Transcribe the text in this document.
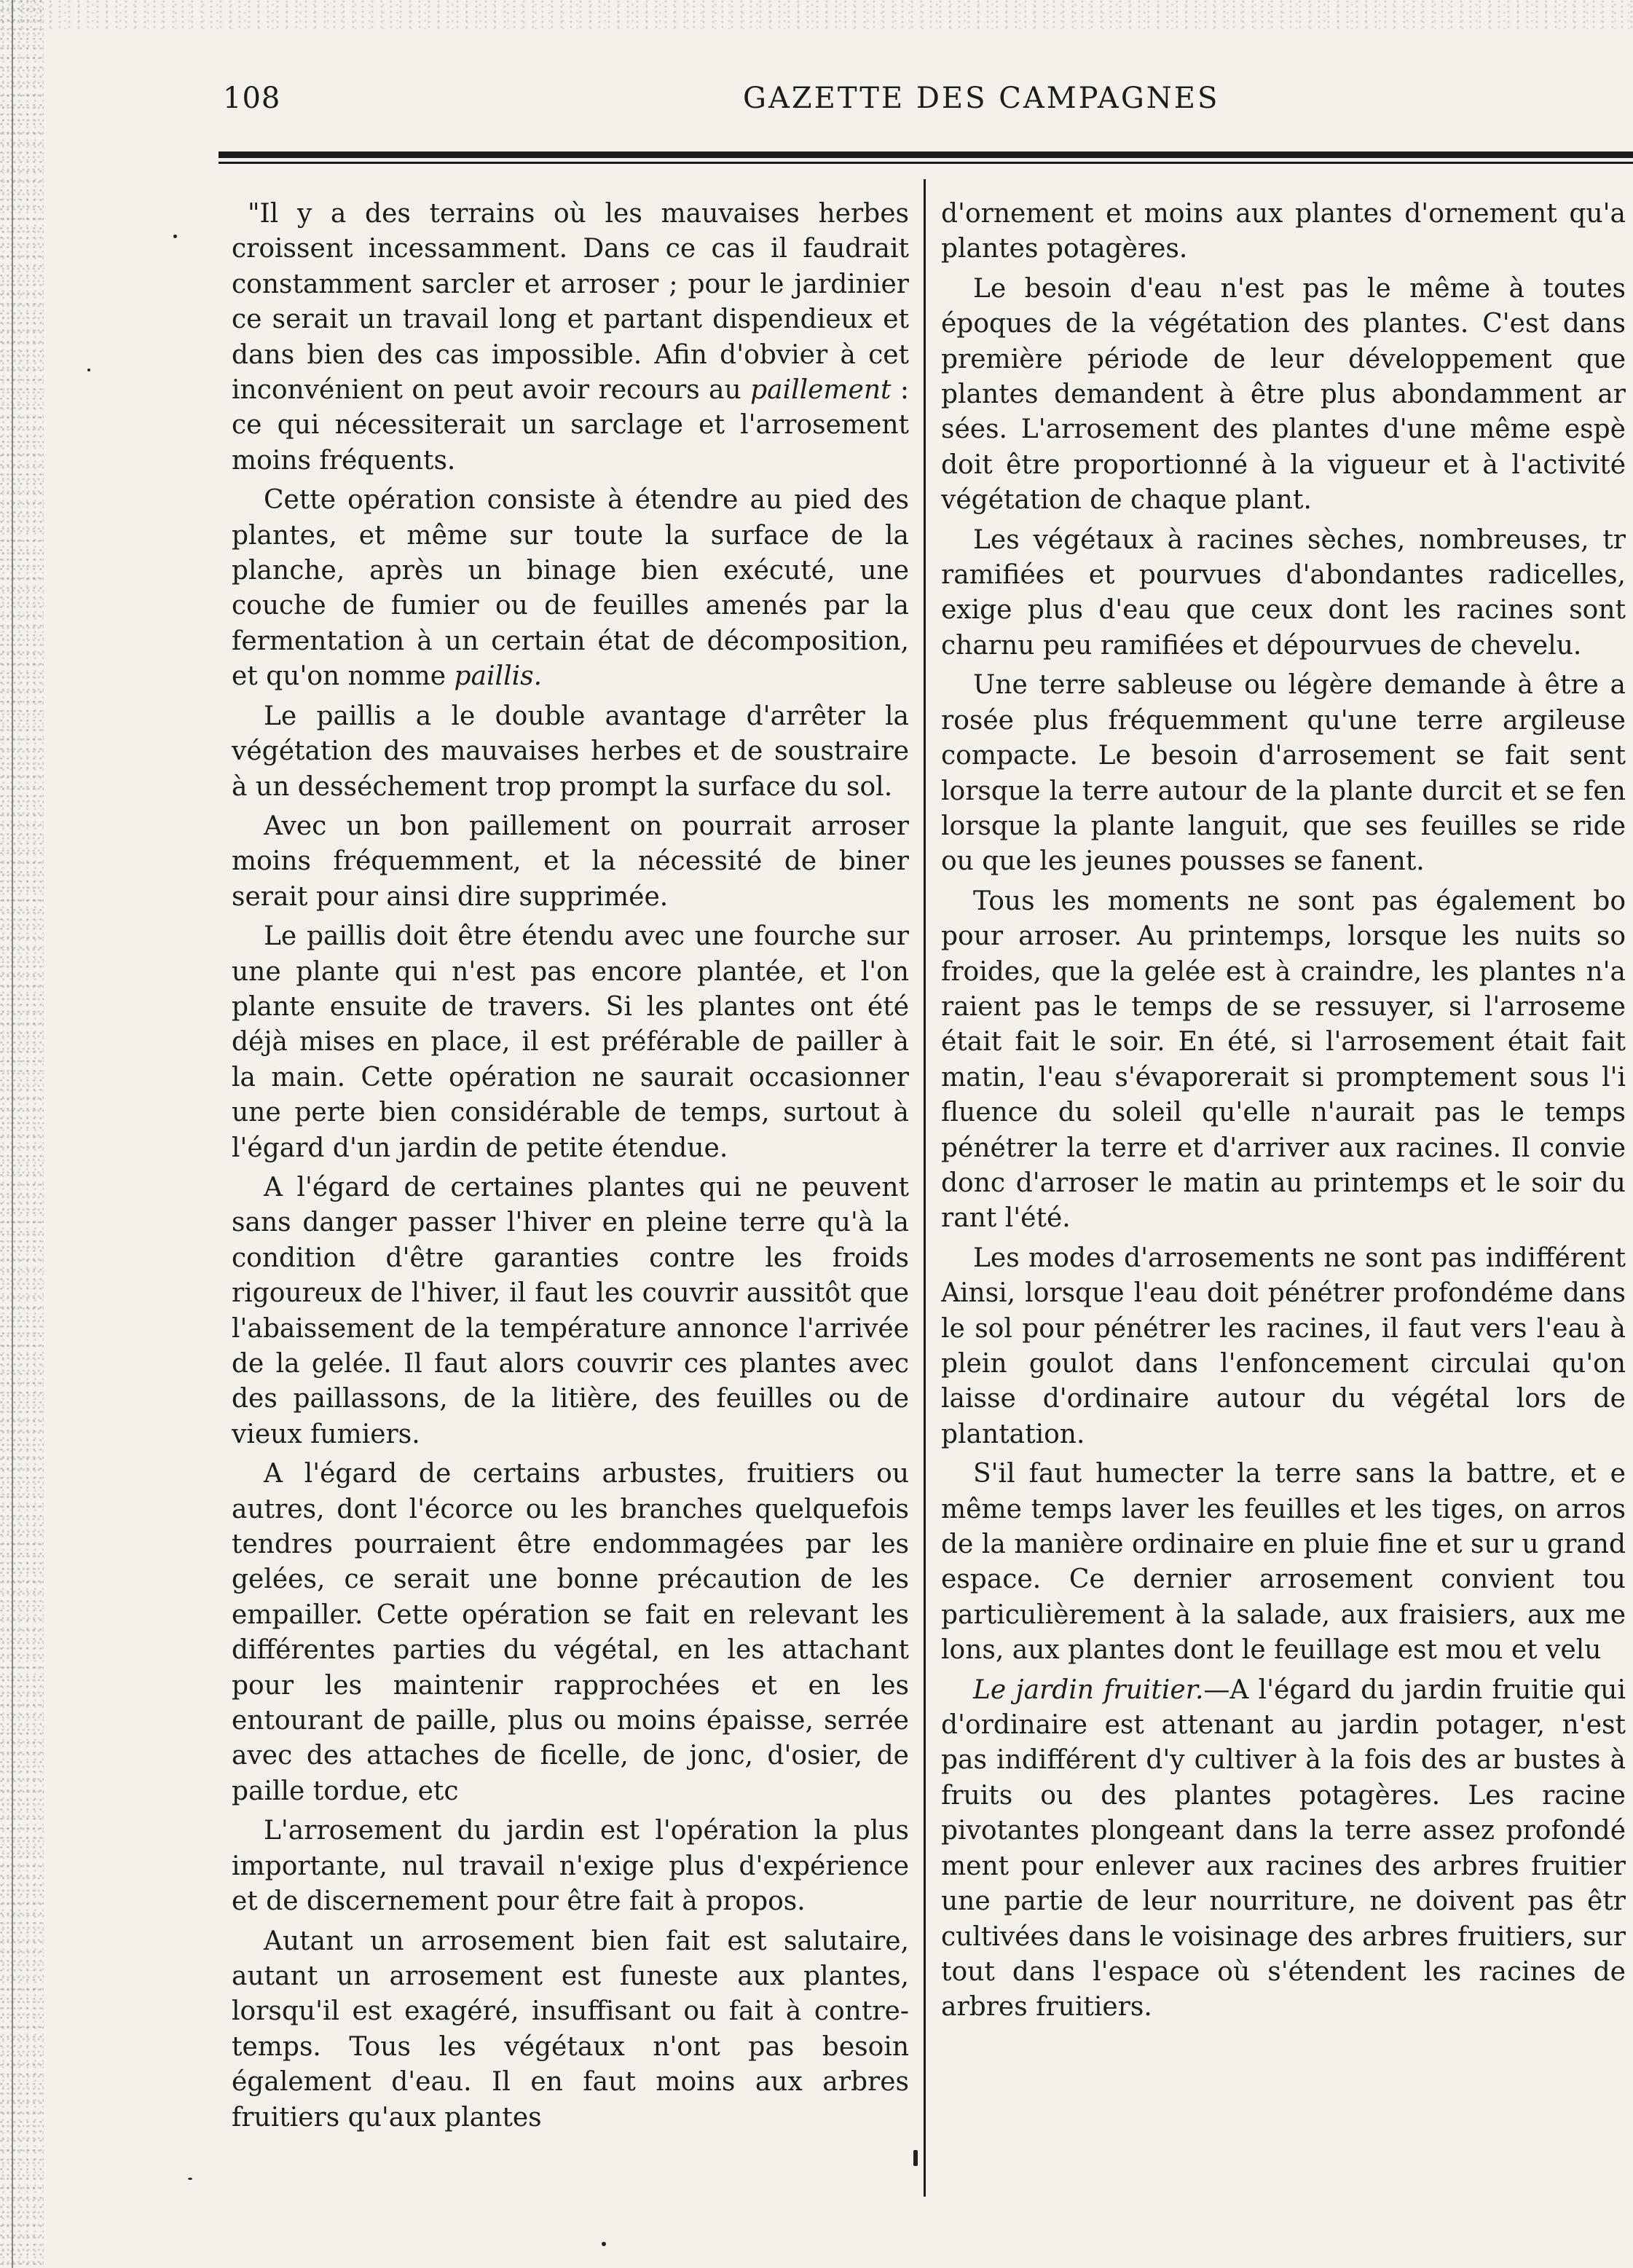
108	GAZETTE DES CAMPAGNES

"Il y a des terrains où les mauvaises herbes croissent incessamment. Dans ce cas il faudrait constamment sarcler et arroser ; pour le jardinier ce serait un travail long et partant dispendieux et dans bien des cas impossible. Afin d'obvier à cet inconvénient on peut avoir recours au paillement : ce qui nécessiterait un sarclage et l'arrosement moins fréquents.

Cette opération consiste à étendre au pied des plantes, et même sur toute la surface de la planche, après un binage bien exécuté, une couche de fumier ou de feuilles amenés par la fermentation à un certain état de décomposition, et qu'on nomme paillis.

Le paillis a le double avantage d'arrêter la végétation des mauvaises herbes et de soustraire à un desséchement trop prompt la surface du sol.

Avec un bon paillement on pourrait arroser moins fréquemment, et la nécessité de biner serait pour ainsi dire supprimée.

Le paillis doit être étendu avec une fourche sur une plante qui n'est pas encore plantée, et l'on plante ensuite de travers. Si les plantes ont été déjà mises en place, il est préférable de pailler à la main. Cette opération ne saurait occasionner une perte bien considérable de temps, surtout à l'égard d'un jardin de petite étendue.

A l'égard de certaines plantes qui ne peuvent sans danger passer l'hiver en pleine terre qu'à la condition d'être garanties contre les froids rigoureux de l'hiver, il faut les couvrir aussitôt que l'abaissement de la température annonce l'arrivée de la gelée. Il faut alors couvrir ces plantes avec des paillassons, de la litière, des feuilles ou de vieux fumiers.

A l'égard de certains arbustes, fruitiers ou autres, dont l'écorce ou les branches quelquefois tendres pourraient être endommagées par les gelées, ce serait une bonne précaution de les empailler. Cette opération se fait en relevant les différentes parties du végétal, en les attachant pour les maintenir rapprochées et en les entourant de paille, plus ou moins épaisse, serrée avec des attaches de ficelle, de jonc, d'osier, de paille tordue, etc

L'arrosement du jardin est l'opération la plus importante, nul travail n'exige plus d'expérience et de discernement pour être fait à propos.

Autant un arrosement bien fait est salutaire, autant un arrosement est funeste aux plantes, lorsqu'il est exagéré, insuffisant ou fait à contre-temps. Tous les végétaux n'ont pas besoin également d'eau. Il en faut moins aux arbres fruitiers qu'aux plantes

d'ornement et moins aux plantes d'ornement qu'a plantes potagères.

Le besoin d'eau n'est pas le même à toutes époques de la végétation des plantes. C'est dans première période de leur développement que plantes demandent à être plus abondamment ar sées. L'arrosement des plantes d'une même espè doit être proportionné à la vigueur et à l'activité végétation de chaque plant.

Les végétaux à racines sèches, nombreuses, tr ramifiées et pourvues d'abondantes radicelles, exige plus d'eau que ceux dont les racines sont charnu peu ramifiées et dépourvues de chevelu.

Une terre sableuse ou légère demande à être a rosée plus fréquemment qu'une terre argileuse compacte. Le besoin d'arrosement se fait sent lorsque la terre autour de la plante durcit et se fen lorsque la plante languit, que ses feuilles se ride ou que les jeunes pousses se fanent.

Tous les moments ne sont pas également bo pour arroser. Au printemps, lorsque les nuits so froides, que la gelée est à craindre, les plantes n'a raient pas le temps de se ressuyer, si l'arroseme était fait le soir. En été, si l'arrosement était fait matin, l'eau s'évaporerait si promptement sous l'i fluence du soleil qu'elle n'aurait pas le temps pénétrer la terre et d'arriver aux racines. Il convie donc d'arroser le matin au printemps et le soir du rant l'été.

Les modes d'arrosements ne sont pas indifférent Ainsi, lorsque l'eau doit pénétrer profondéme dans le sol pour pénétrer les racines, il faut vers l'eau à plein goulot dans l'enfoncement circulai qu'on laisse d'ordinaire autour du végétal lors de plantation.

S'il faut humecter la terre sans la battre, et e même temps laver les feuilles et les tiges, on arros de la manière ordinaire en pluie fine et sur u grand espace. Ce dernier arrosement convient tou particulièrement à la salade, aux fraisiers, aux me lons, aux plantes dont le feuillage est mou et velu

Le jardin fruitier.—A l'égard du jardin fruitie qui d'ordinaire est attenant au jardin potager, n'est pas indifférent d'y cultiver à la fois des ar bustes à fruits ou des plantes potagères. Les racine pivotantes plongeant dans la terre assez profondé ment pour enlever aux racines des arbres fruitier une partie de leur nourriture, ne doivent pas êtr cultivées dans le voisinage des arbres fruitiers, sur tout dans l'espace où s'étendent les racines de arbres fruitiers.
